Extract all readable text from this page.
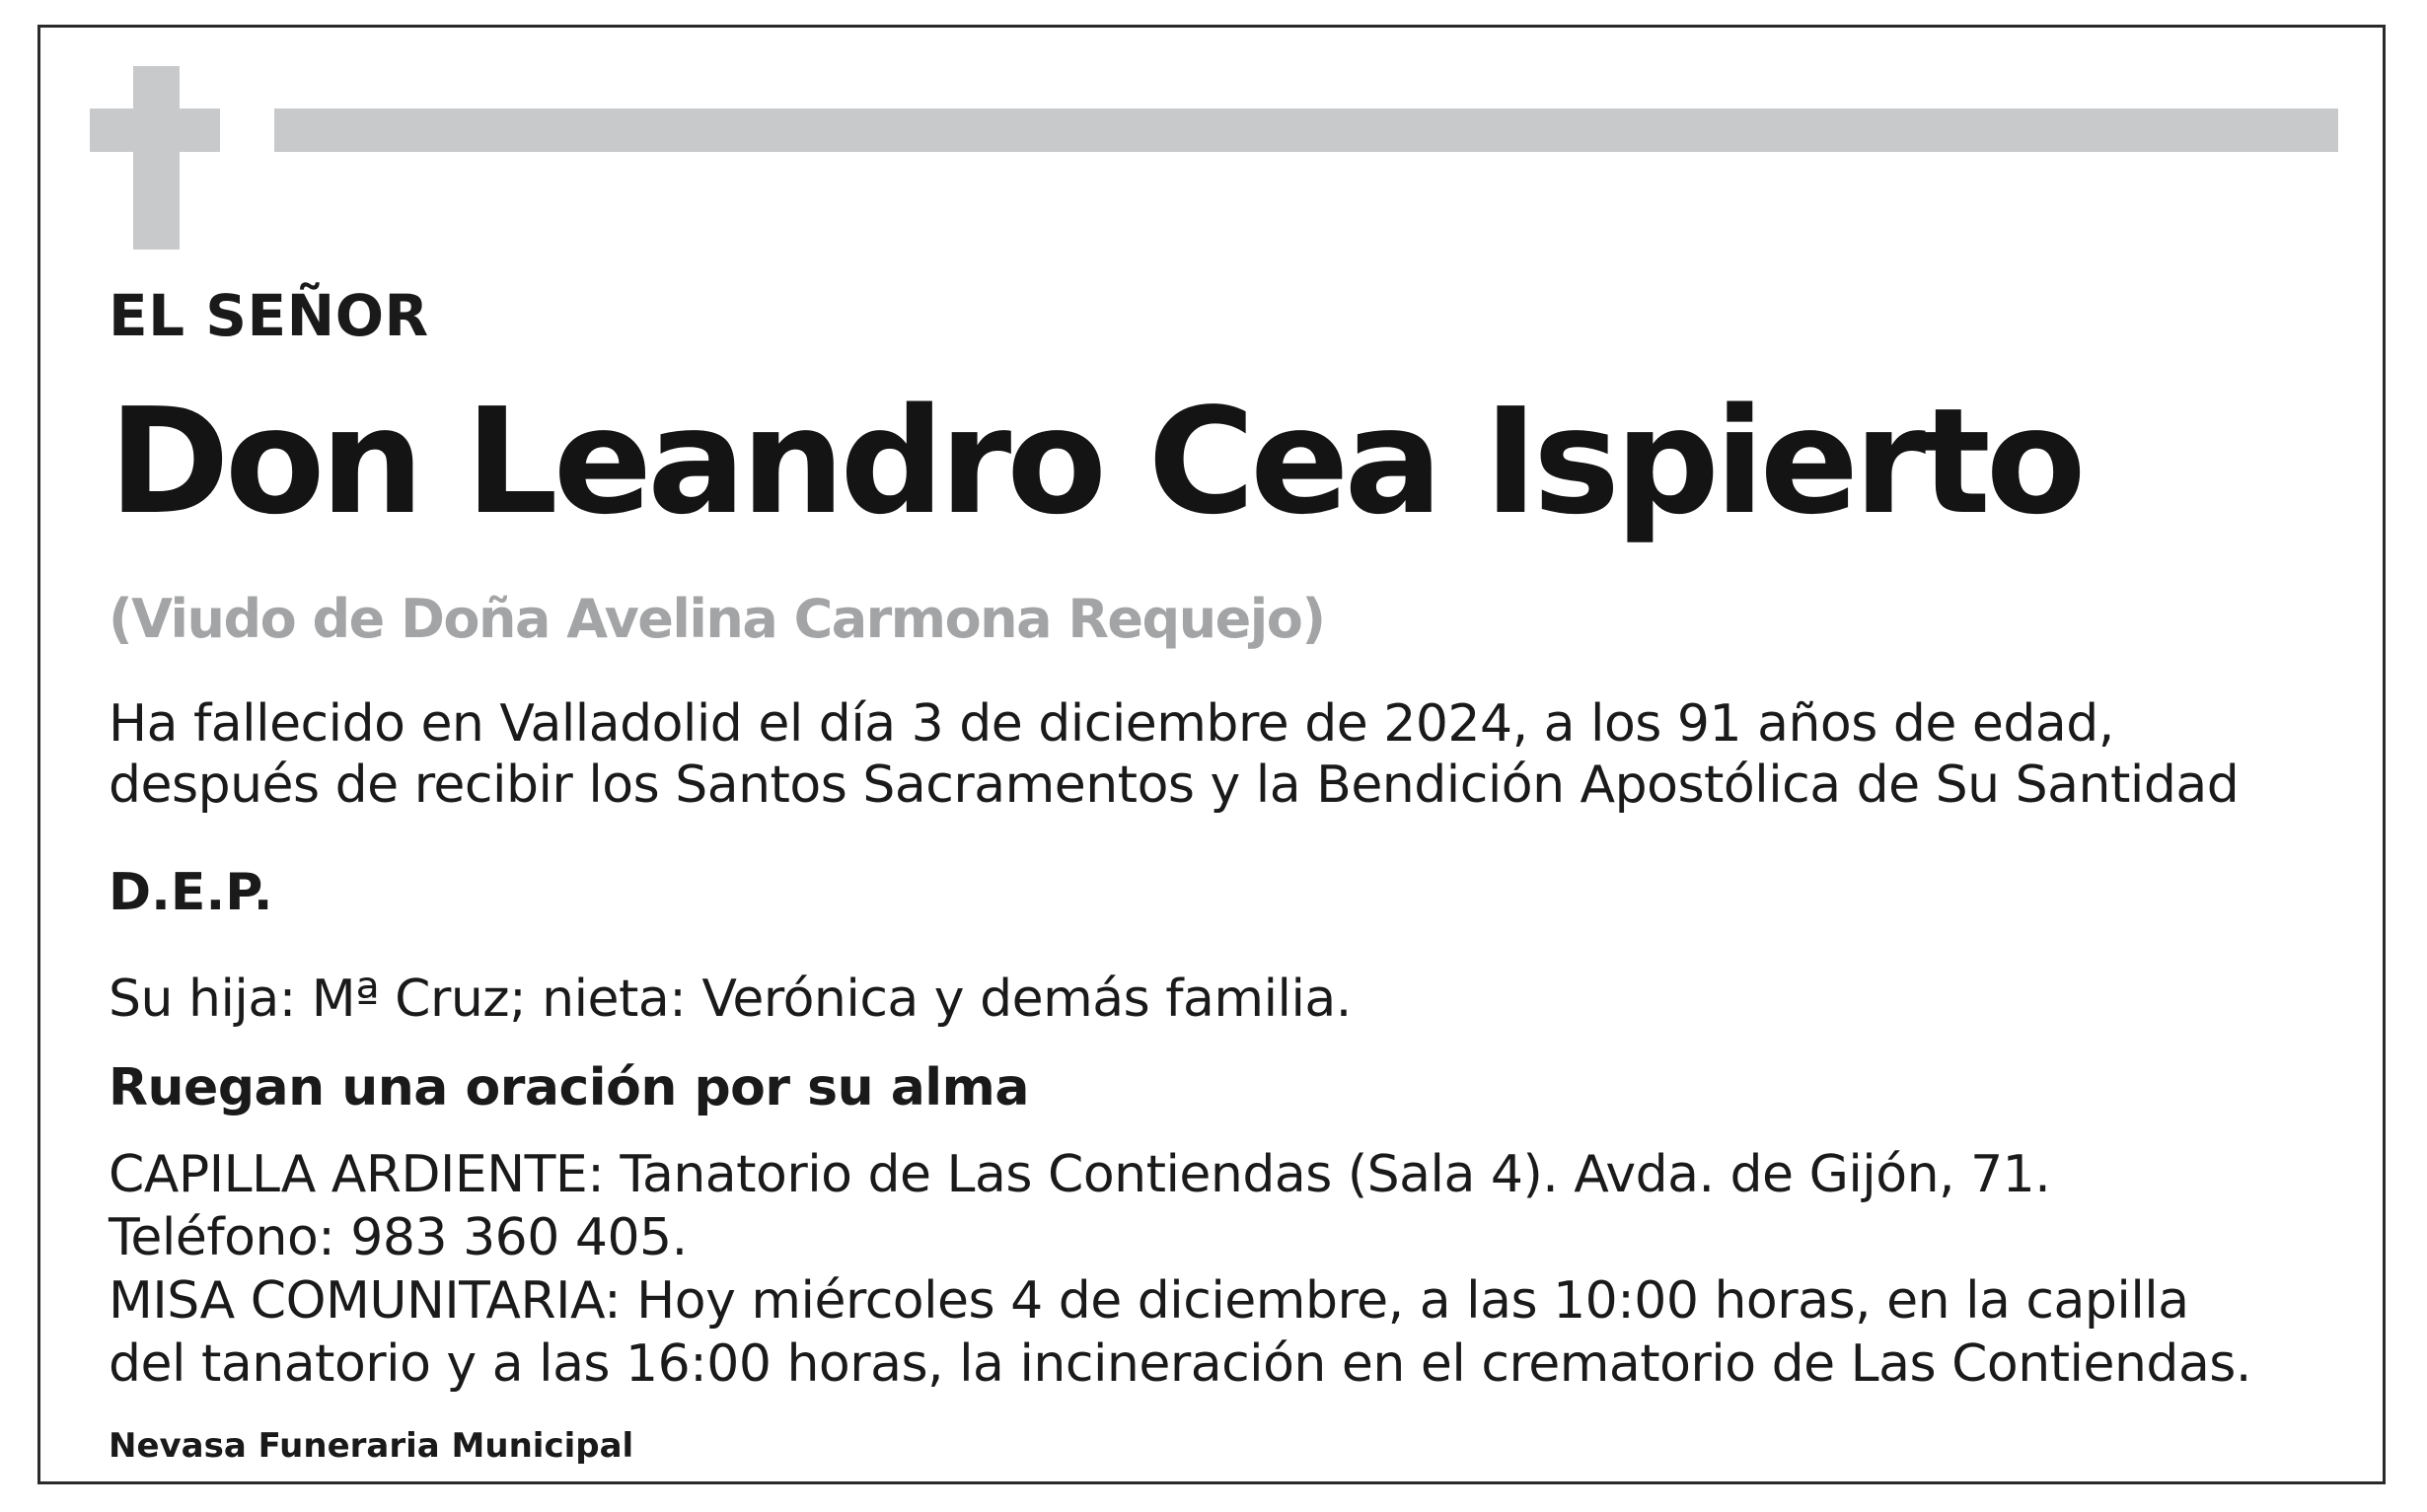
EL SEÑOR
Don Leandro Cea Ispierto
(Viudo de Doña Avelina Carmona Requejo)
Ha fallecido en Valladolid el día 3 de diciembre de 2024, a los 91 años de edad,
después de recibir los Santos Sacramentos y la Bendición Apostólica de Su Santidad
D.E.P.
Su hija: Mª Cruz; nieta: Verónica y demás familia.
Ruegan una oración por su alma
CAPILLA ARDIENTE: Tanatorio de Las Contiendas (Sala 4). Avda. de Gijón, 71.
Teléfono: 983 360 405.
MISA COMUNITARIA: Hoy miércoles 4 de diciembre, a las 10:00 horas, en la capilla
del tanatorio y a las 16:00 horas, la incineración en el crematorio de Las Contiendas.
Nevasa Funeraria Municipal
